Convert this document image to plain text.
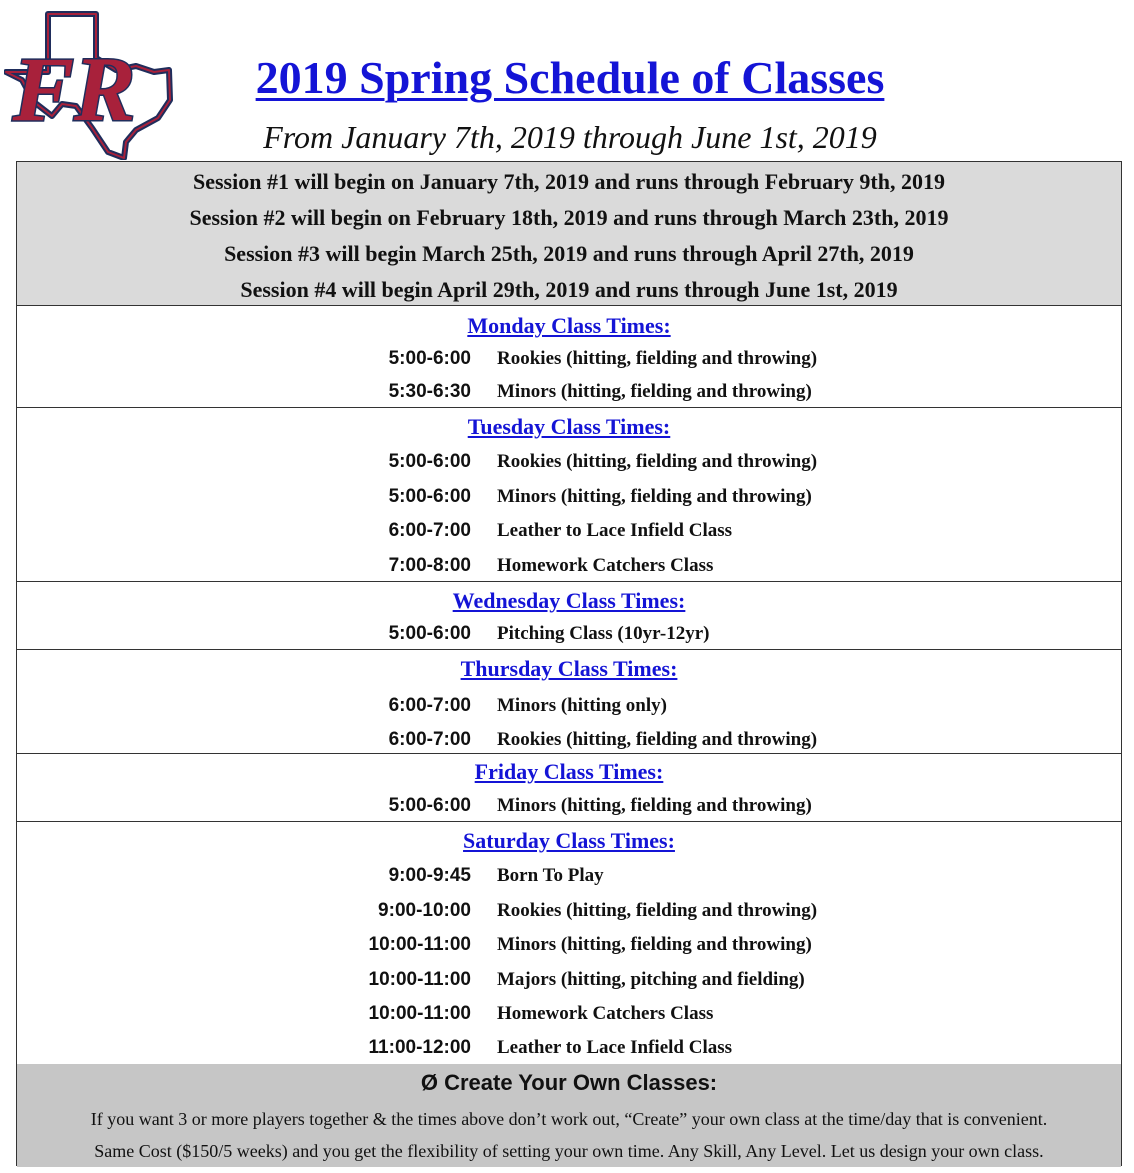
FR	2019 Spring Schedule of Classes
From January 7th, 2019 through June 1st, 2019
Session #1 will begin on January 7th, 2019 and runs through February 9th, 2019
Session #2 will begin on February 18th, 2019 and runs through March 23th, 2019
Session #3 will begin March 25th, 2019 and runs through April 27th, 2019
Session #4 will begin April 29th, 2019 and runs through June 1st, 2019
Monday Class Times:
5:00-6:00 Rookies (hitting, fielding and throwing)
5:30-6:30 Minors (hitting, fielding and throwing)
Tuesday Class Times:
5:00-6:00 Rookies (hitting, fielding and throwing)
5:00-6:00 Minors (hitting, fielding and throwing)
6:00-7:00 Leather to Lace Infield Class
7:00-8:00 Homework Catchers Class
Wednesday Class Times:
5:00-6:00 Pitching Class (10yr-12yr)
Thursday Class Times:
6:00-7:00 Minors (hitting only)
6:00-7:00 Rookies (hitting, fielding and throwing)
Friday Class Times:
5:00-6:00 Minors (hitting, fielding and throwing)
Saturday Class Times:
9:00-9:45 Born To Play
9:00-10:00 Rookies (hitting, fielding and throwing)
10:00-11:00 Minors (hitting, fielding and throwing)
10:00-11:00 Majors (hitting, pitching and fielding)
10:00-11:00 Homework Catchers Class
11:00-12:00 Leather to Lace Infield Class
Ø Create Your Own Classes:
If you want 3 or more players together & the times above don’t work out, “Create” your own class at the time/day that is convenient.
Same Cost ($150/5 weeks) and you get the flexibility of setting your own time. Any Skill, Any Level. Let us design your own class.
